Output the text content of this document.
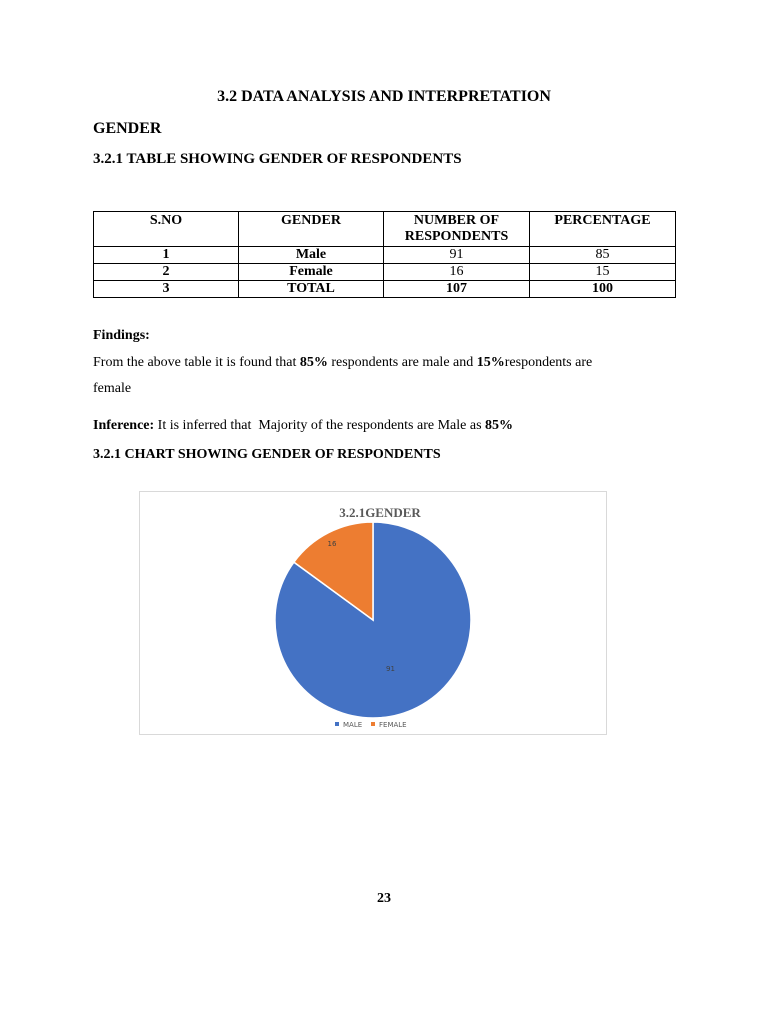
3.2 DATA ANALYSIS AND INTERPRETATION
GENDER
3.2.1 TABLE SHOWING GENDER OF RESPONDENTS
S.NO	GENDER	NUMBER OF RESPONDENTS	PERCENTAGE
1	Male	91	85
2	Female	16	15
3	TOTAL	107	100
Findings:
From the above table it is found that 85% respondents are male and 15%respondents are
female
Inference: It is inferred that  Majority of the respondents are Male as 85%
3.2.1 CHART SHOWING GENDER OF RESPONDENTS
3.2.1GENDER
91
16
MALE FEMALE
23
